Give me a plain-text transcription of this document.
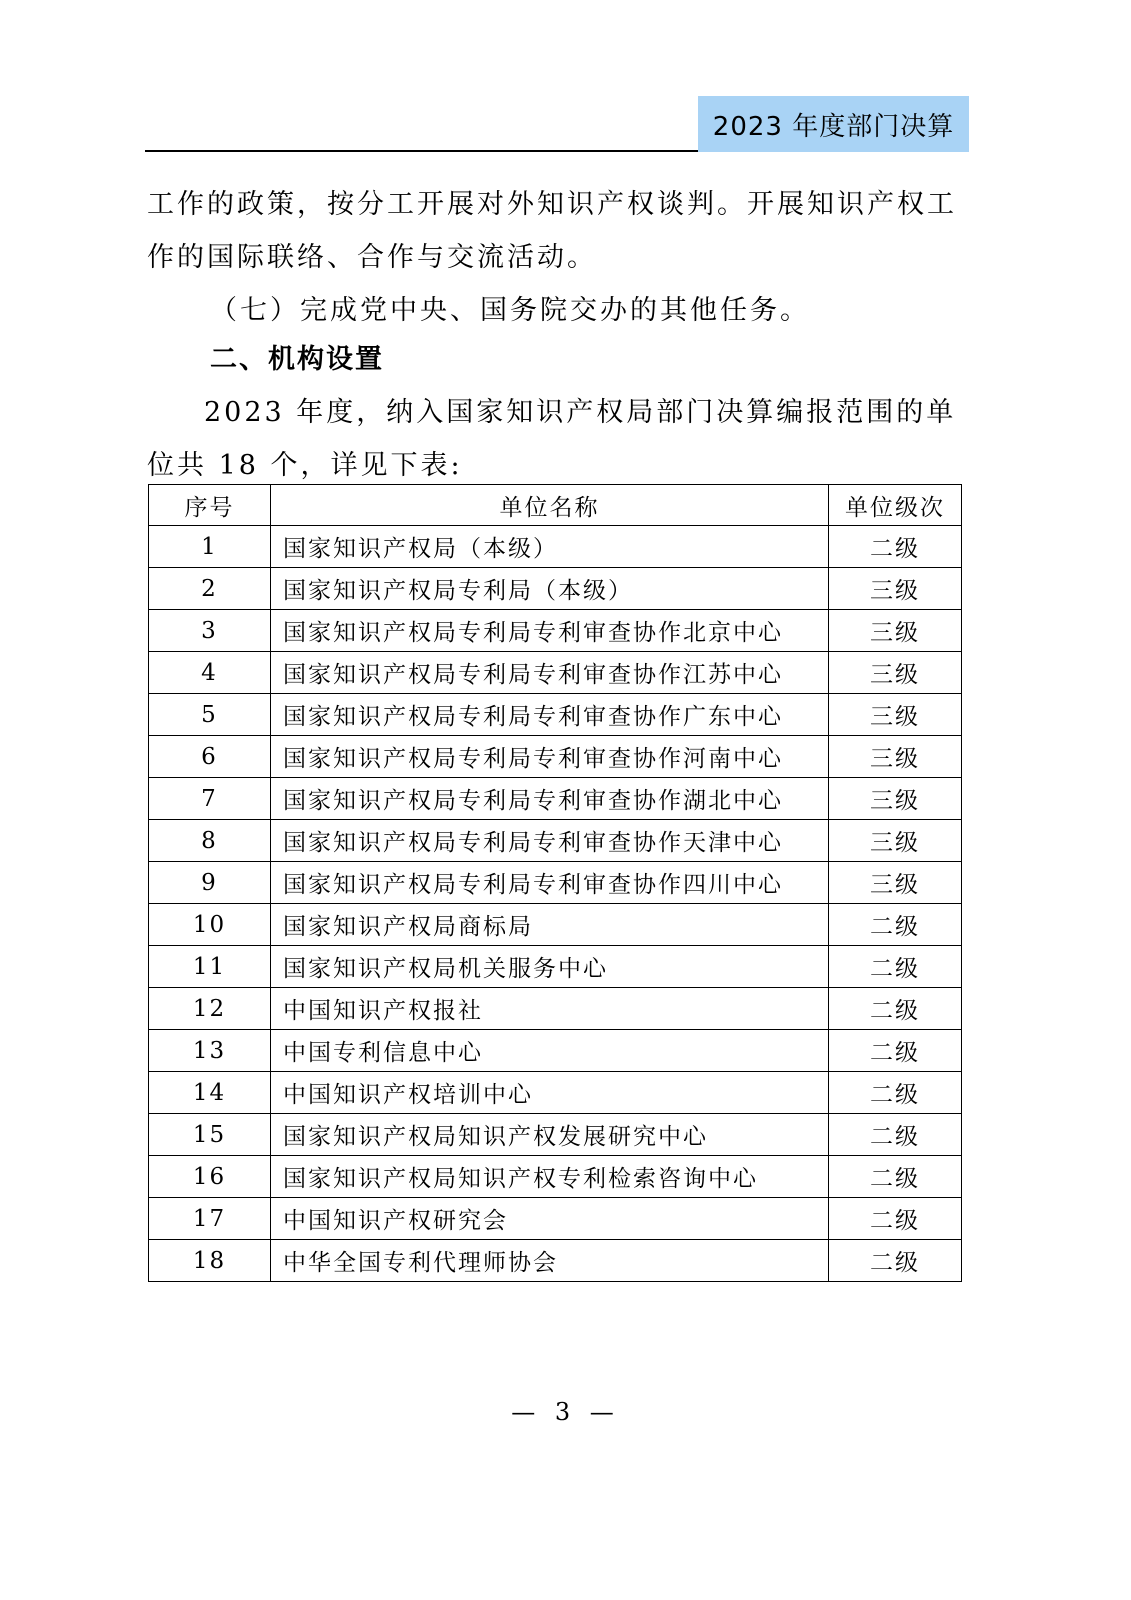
2023 年度部门决算
工作的政策，按分工开展对外知识产权谈判。开展知识产权工作的国际联络、合作与交流活动。
（七）完成党中央、国务院交办的其他任务。
二、机构设置
2023 年度，纳入国家知识产权局部门决算编报范围的单位共 18 个，详见下表:
序号	单位名称	单位级次
1	国家知识产权局（本级）	二级
2	国家知识产权局专利局（本级）	三级
3	国家知识产权局专利局专利审查协作北京中心	三级
4	国家知识产权局专利局专利审查协作江苏中心	三级
5	国家知识产权局专利局专利审查协作广东中心	三级
6	国家知识产权局专利局专利审查协作河南中心	三级
7	国家知识产权局专利局专利审查协作湖北中心	三级
8	国家知识产权局专利局专利审查协作天津中心	三级
9	国家知识产权局专利局专利审查协作四川中心	三级
10	国家知识产权局商标局	二级
11	国家知识产权局机关服务中心	二级
12	中国知识产权报社	二级
13	中国专利信息中心	二级
14	中国知识产权培训中心	二级
15	国家知识产权局知识产权发展研究中心	二级
16	国家知识产权局知识产权专利检索咨询中心	二级
17	中国知识产权研究会	二级
18	中华全国专利代理师协会	二级
— 3 —
